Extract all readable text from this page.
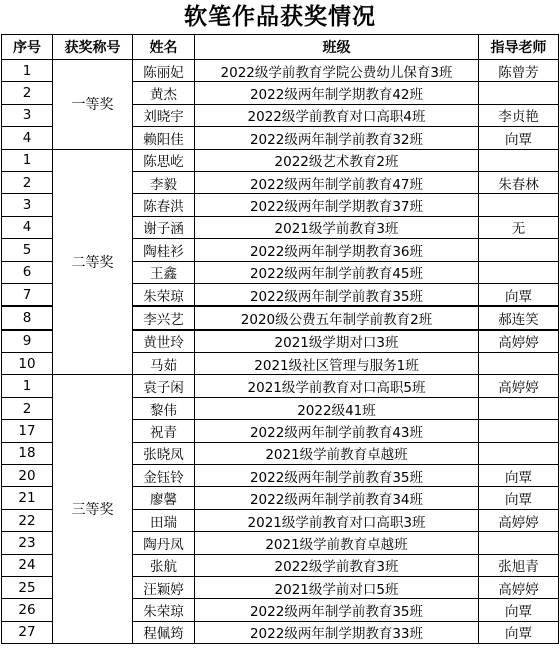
软笔作品获奖情况
序号	获奖称号	姓名	班级	指导老师
1	一等奖	陈丽妃	2022级学前教育学院公费幼儿保育3班	陈曾芳
2		黄杰	2022级两年制学期教育42班	
3		刘晓宇	2022级学前教育对口高职4班	李贞艳
4		赖阳佳	2022级两年制学前教育32班	向覃
1	二等奖	陈思屹	2022级艺术教育2班	
2		李毅	2022级两年制学前教育47班	朱春林
3		陈春洪	2022级两年制学期教育37班	
4		谢子涵	2021级学前教育3班	无
5		陶桂衫	2022级两年制学期教育36班	
6		王鑫	2022级两年制学前教育45班	
7		朱荣琼	2022级两年制学前教育35班	向覃
8		李兴艺	2020级公费五年制学前教育2班	郝连笑
9		黄世玲	2021级学期对口3班	高婷婷
10		马茹	2021级社区管理与服务1班	
1	三等奖	袁子闲	2021级学前教育对口高职5班	高婷婷
2		黎伟	2022级41班	
17		祝青	2022级两年制学前教育43班	
18		张晓凤	2021级学前教育卓越班	
20		金钰铃	2022级两年制学前教育35班	向覃
21		廖馨	2022级两年制学前教育34班	向覃
22		田瑞	2021级学前教育对口高职3班	高婷婷
23		陶丹凤	2021级学前教育卓越班	
24		张航	2022级学前教育3班	张旭青
25		汪颖婷	2021级学前对口5班	高婷婷
26		朱荣琼	2022级两年制学前教育35班	向覃
27		程佩筠	2022级两年制学期教育33班	向覃
